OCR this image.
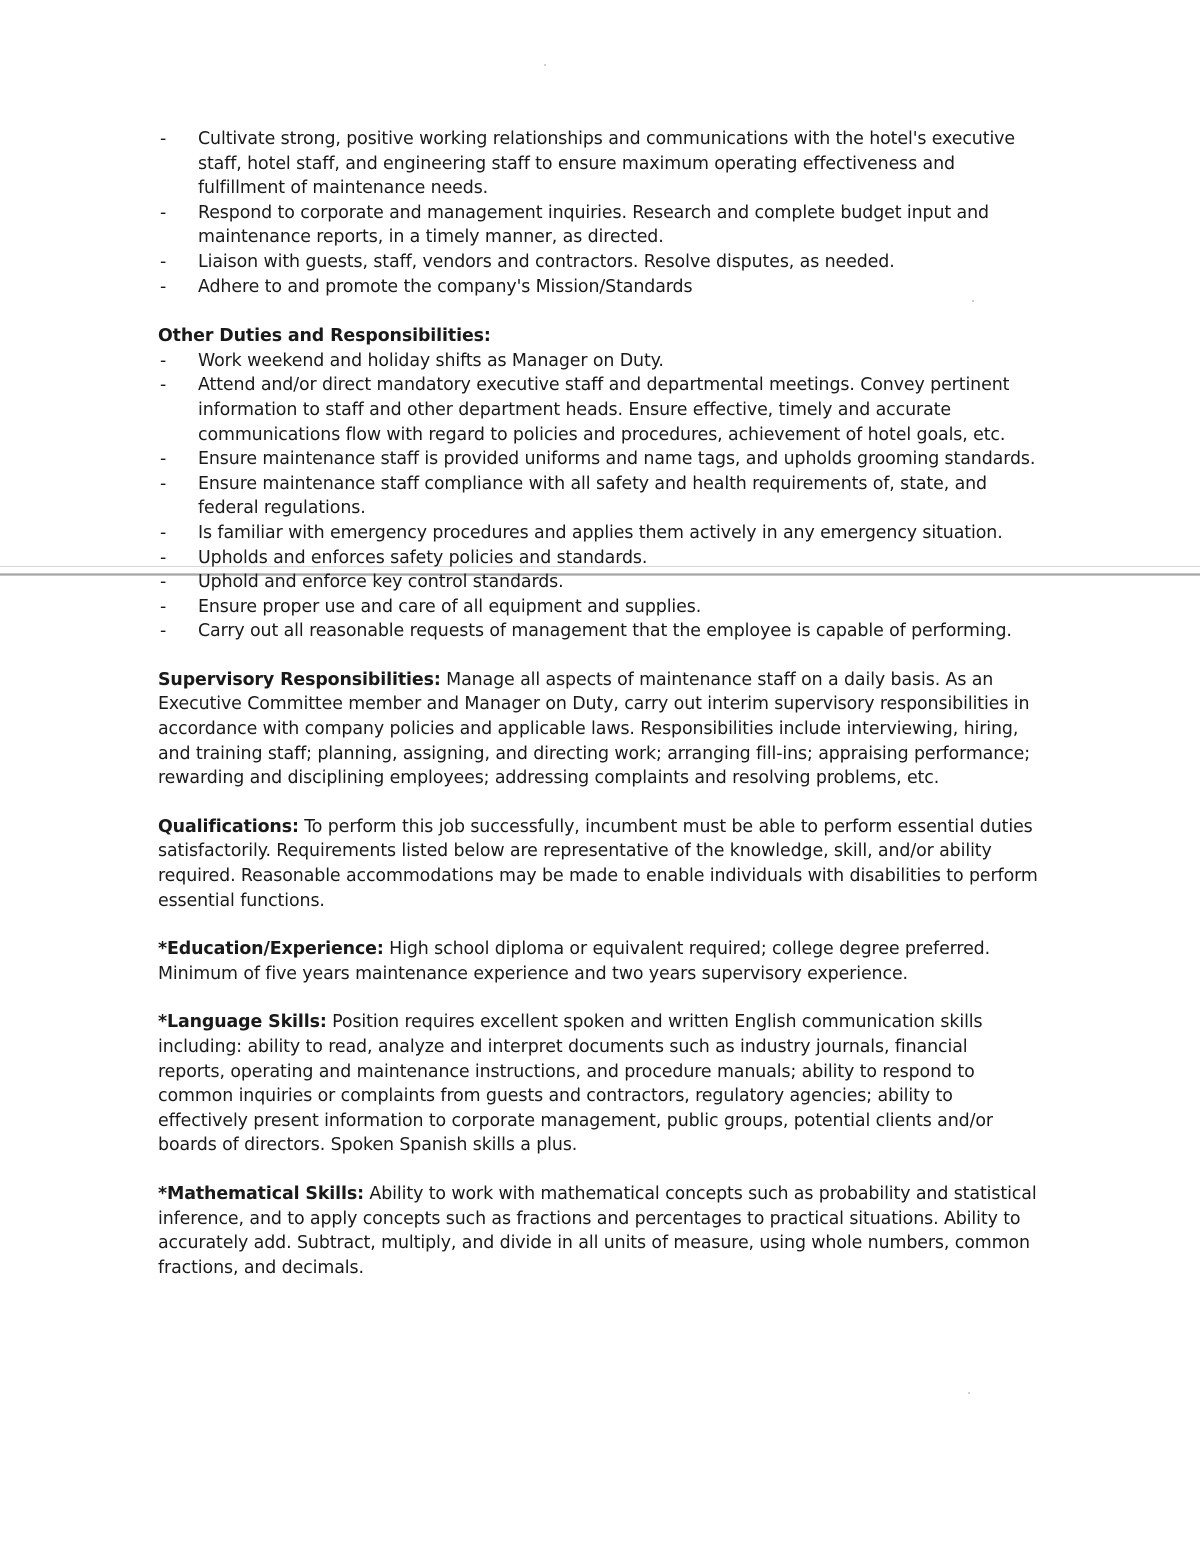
- Cultivate strong, positive working relationships and communications with the hotel's executive staff, hotel staff, and engineering staff to ensure maximum operating effectiveness and fulfillment of maintenance needs.
- Respond to corporate and management inquiries. Research and complete budget input and maintenance reports, in a timely manner, as directed.
- Liaison with guests, staff, vendors and contractors. Resolve disputes, as needed.
- Adhere to and promote the company's Mission/Standards
Other Duties and Responsibilities:
- Work weekend and holiday shifts as Manager on Duty.
- Attend and/or direct mandatory executive staff and departmental meetings. Convey pertinent information to staff and other department heads. Ensure effective, timely and accurate communications flow with regard to policies and procedures, achievement of hotel goals, etc.
- Ensure maintenance staff is provided uniforms and name tags, and upholds grooming standards.
- Ensure maintenance staff compliance with all safety and health requirements of, state, and federal regulations.
- Is familiar with emergency procedures and applies them actively in any emergency situation.
- Upholds and enforces safety policies and standards.
- Uphold and enforce key control standards.
- Ensure proper use and care of all equipment and supplies.
- Carry out all reasonable requests of management that the employee is capable of performing.

Supervisory Responsibilities: Manage all aspects of maintenance staff on a daily basis. As an Executive Committee member and Manager on Duty, carry out interim supervisory responsibilities in accordance with company policies and applicable laws. Responsibilities include interviewing, hiring, and training staff; planning, assigning, and directing work; arranging fill-ins; appraising performance; rewarding and disciplining employees; addressing complaints and resolving problems, etc.

Qualifications: To perform this job successfully, incumbent must be able to perform essential duties satisfactorily. Requirements listed below are representative of the knowledge, skill, and/or ability required. Reasonable accommodations may be made to enable individuals with disabilities to perform essential functions.

*Education/Experience: High school diploma or equivalent required; college degree preferred. Minimum of five years maintenance experience and two years supervisory experience.

*Language Skills: Position requires excellent spoken and written English communication skills including: ability to read, analyze and interpret documents such as industry journals, financial reports, operating and maintenance instructions, and procedure manuals; ability to respond to common inquiries or complaints from guests and contractors, regulatory agencies; ability to effectively present information to corporate management, public groups, potential clients and/or boards of directors. Spoken Spanish skills a plus.

*Mathematical Skills: Ability to work with mathematical concepts such as probability and statistical inference, and to apply concepts such as fractions and percentages to practical situations. Ability to accurately add. Subtract, multiply, and divide in all units of measure, using whole numbers, common fractions, and decimals.
